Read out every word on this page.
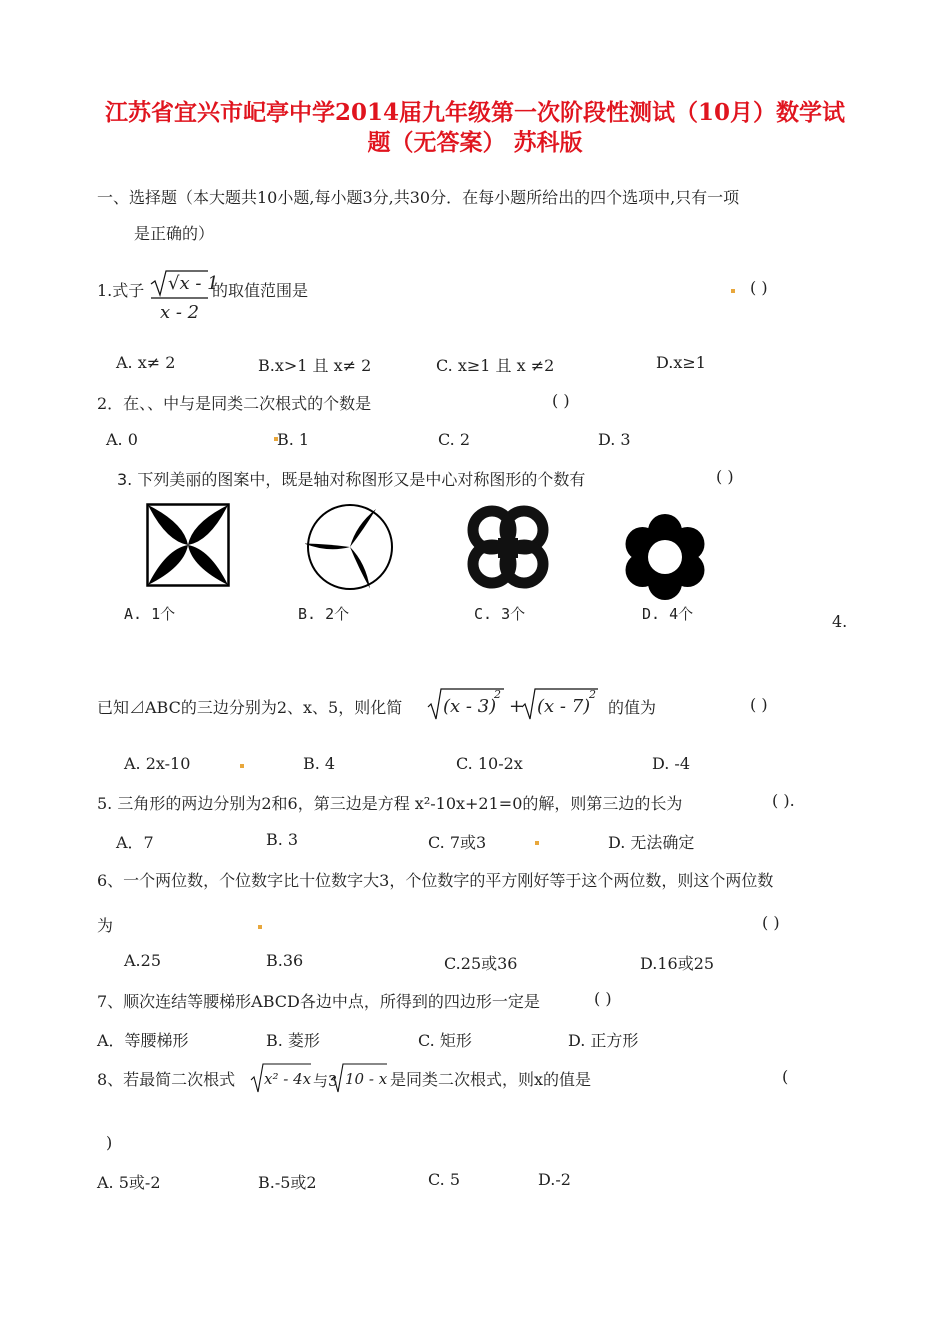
江苏省宜兴市屺亭中学2014届九年级第一次阶段性测试（10月）数学试
题（无答案） 苏科版
一、选择题（本大题共10小题,每小题3分,共30分．在每小题所给出的四个选项中,只有一项
是正确的）
1.式子 √x - 1
x - 2
的取值范围是	( )
A. x≠ 2	B.x>1 且 x≠ 2	C. x≥1 且 x ≠2	D.x≥1
2．在、、中与是同类二次根式的个数是	( )
A. 0	B. 1	C. 2	D. 3
3. 下列美丽的图案中，既是轴对称图形又是中心对称图形的个数有	( )
A. 1个	B. 2个	C. 3个	D. 4个	4.
已知⊿ABC的三边分别为2、x、5，则化简 (x - 3)
2
+ (x - 7)
2
的值为	( )
A. 2x-10	B. 4	C. 10-2x	D. -4
5. 三角形的两边分别为2和6，第三边是方程 x²-10x+21=0的解，则第三边的长为	( ).
A．7	B. 3	C. 7或3	D. 无法确定
6、一个两位数，个位数字比十位数字大3，个位数字的平方刚好等于这个两位数，则这个两位数
为	( )
A.25	B.36	C.25或36	D.16或25
7、顺次连结等腰梯形ABCD各边中点，所得到的四边形一定是	( )
A．等腰梯形	B. 菱形	C. 矩形	D. 正方形
8、若最简二次根式 x² - 4x 与3 10 - x 是同类二次根式，则x的值是	(
)
A. 5或-2	B.-5或2	C. 5	D.-2
